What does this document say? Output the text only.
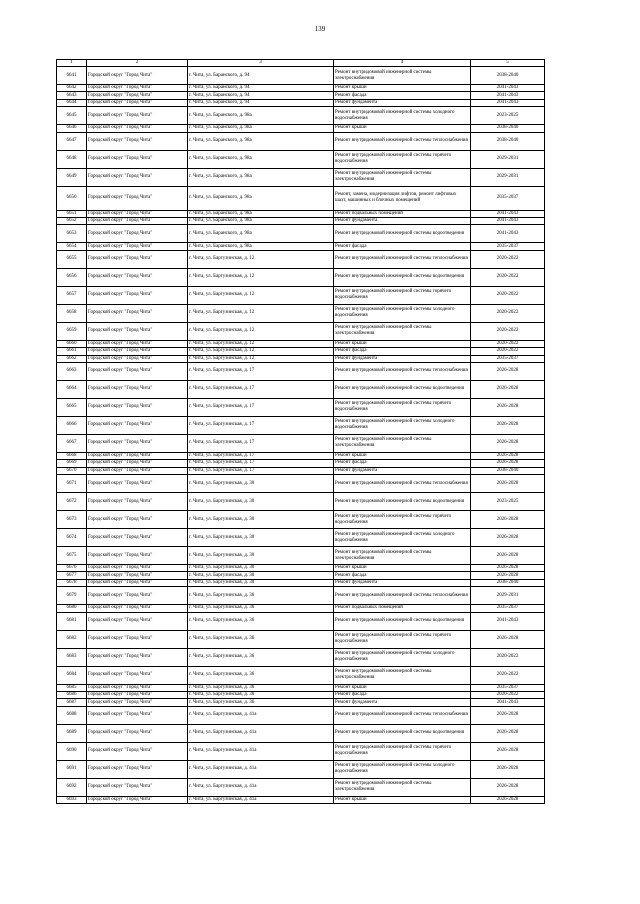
139
1	2	3	4	5
6641	Городской округ "Город Чита"	г. Чита, ул. Баранского, д. 94	Ремонт внутридомовой инженерной системы электроснабжения	2038-2040
6642	Городской округ "Город Чита"	г. Чита, ул. Баранского, д. 94	Ремонт крыши	2041-2043
6643	Городской округ "Город Чита"	г. Чита, ул. Баранского, д. 94	Ремонт фасада	2041-2043
6644	Городской округ "Город Чита"	г. Чита, ул. Баранского, д. 94	Ремонт фундамента	2041-2043
6645	Городской округ "Город Чита"	г. Чита, ул. Баранского, д. 98а	Ремонт внутридомовой инженерной системы холодного водоснабжения	2023-2025
6646	Городской округ "Город Чита"	г. Чита, ул. Баранского, д. 98а	Ремонт крыши	2038-2040
6647	Городской округ "Город Чита"	г. Чита, ул. Баранского, д. 98а	Ремонт внутридомовой инженерной системы теплоснабжения	2038-2040
6648	Городской округ "Город Чита"	г. Чита, ул. Баранского, д. 98а	Ремонт внутридомовой инженерной системы горячего водоснабжения	2029-2031
6649	Городской округ "Город Чита"	г. Чита, ул. Баранского, д. 98а	Ремонт внутридомовой инженерной системы электроснабжения	2029-2031
6650	Городской округ "Город Чита"	г. Чита, ул. Баранского, д. 98а	Ремонт, замена, модернизация лифтов, ремонт лифтовых шахт, машинных и блочных помещений	2035-2037
6651	Городской округ "Город Чита"	г. Чита, ул. Баранского, д. 98а	Ремонт подвальных помещений	2041-2043
6652	Городской округ "Город Чита"	г. Чита, ул. Баранского, д. 98а	Ремонт фундамента	2041-2043
6653	Городской округ "Город Чита"	г. Чита, ул. Баранского, д. 98а	Ремонт внутридомовой инженерной системы водоотведения	2041-2043
6654	Городской округ "Город Чита"	г. Чита, ул. Баранского, д. 98а	Ремонт фасада	2035-2037
6655	Городской округ "Город Чита"	г. Чита, ул. Баргузинская, д. 12	Ремонт внутридомовой инженерной системы теплоснабжения	2020-2022
6656	Городской округ "Город Чита"	г. Чита, ул. Баргузинская, д. 12	Ремонт внутридомовой инженерной системы водоотведения	2020-2022
6657	Городской округ "Город Чита"	г. Чита, ул. Баргузинская, д. 12	Ремонт внутридомовой инженерной системы горячего водоснабжения	2020-2022
6658	Городской округ "Город Чита"	г. Чита, ул. Баргузинская, д. 12	Ремонт внутридомовой инженерной системы холодного водоснабжения	2020-2022
6659	Городской округ "Город Чита"	г. Чита, ул. Баргузинская, д. 12	Ремонт внутридомовой инженерной системы электроснабжения	2020-2022
6660	Городской округ "Город Чита"	г. Чита, ул. Баргузинская, д. 12	Ремонт крыши	2020-2022
6661	Городской округ "Город Чита"	г. Чита, ул. Баргузинская, д. 12	Ремонт фасада	2020-2022
6662	Городской округ "Город Чита"	г. Чита, ул. Баргузинская, д. 12	Ремонт фундамента	2035-2037
6663	Городской округ "Город Чита"	г. Чита, ул. Баргузинская, д. 17	Ремонт внутридомовой инженерной системы теплоснабжения	2026-2028
6664	Городской округ "Город Чита"	г. Чита, ул. Баргузинская, д. 17	Ремонт внутридомовой инженерной системы водоотведения	2026-2028
6665	Городской округ "Город Чита"	г. Чита, ул. Баргузинская, д. 17	Ремонт внутридомовой инженерной системы горячего водоснабжения	2026-2028
6666	Городской округ "Город Чита"	г. Чита, ул. Баргузинская, д. 17	Ремонт внутридомовой инженерной системы холодного водоснабжения	2026-2028
6667	Городской округ "Город Чита"	г. Чита, ул. Баргузинская, д. 17	Ремонт внутридомовой инженерной системы электроснабжения	2026-2028
6668	Городской округ "Город Чита"	г. Чита, ул. Баргузинская, д. 17	Ремонт крыши	2026-2028
6669	Городской округ "Город Чита"	г. Чита, ул. Баргузинская, д. 17	Ремонт фасада	2026-2028
6670	Городской округ "Город Чита"	г. Чита, ул. Баргузинская, д. 17	Ремонт фундамента	2038-2040
6671	Городской округ "Город Чита"	г. Чита, ул. Баргузинская, д. 30	Ремонт внутридомовой инженерной системы теплоснабжения	2026-2028
6672	Городской округ "Город Чита"	г. Чита, ул. Баргузинская, д. 30	Ремонт внутридомовой инженерной системы водоотведения	2023-2025
6673	Городской округ "Город Чита"	г. Чита, ул. Баргузинская, д. 30	Ремонт внутридомовой инженерной системы горячего водоснабжения	2026-2028
6674	Городской округ "Город Чита"	г. Чита, ул. Баргузинская, д. 30	Ремонт внутридомовой инженерной системы холодного водоснабжения	2026-2028
6675	Городской округ "Город Чита"	г. Чита, ул. Баргузинская, д. 30	Ремонт внутридомовой инженерной системы электроснабжения	2026-2028
6676	Городской округ "Город Чита"	г. Чита, ул. Баргузинская, д. 30	Ремонт крыши	2026-2028
6677	Городской округ "Город Чита"	г. Чита, ул. Баргузинская, д. 30	Ремонт фасада	2026-2028
6678	Городской округ "Город Чита"	г. Чита, ул. Баргузинская, д. 30	Ремонт фундамента	2038-2040
6679	Городской округ "Город Чита"	г. Чита, ул. Баргузинская, д. 36	Ремонт внутридомовой инженерной системы теплоснабжения	2029-2031
6680	Городской округ "Город Чита"	г. Чита, ул. Баргузинская, д. 36	Ремонт подвальных помещений	2035-2037
6681	Городской округ "Город Чита"	г. Чита, ул. Баргузинская, д. 36	Ремонт внутридомовой инженерной системы водоотведения	2041-2043
6682	Городской округ "Город Чита"	г. Чита, ул. Баргузинская, д. 36	Ремонт внутридомовой инженерной системы горячего водоснабжения	2026-2028
6683	Городской округ "Город Чита"	г. Чита, ул. Баргузинская, д. 36	Ремонт внутридомовой инженерной системы холодного водоснабжения	2020-2022
6684	Городской округ "Город Чита"	г. Чита, ул. Баргузинская, д. 36	Ремонт внутридомовой инженерной системы электроснабжения	2020-2022
6685	Городской округ "Город Чита"	г. Чита, ул. Баргузинская, д. 36	Ремонт крыши	2035-2037
6686	Городской округ "Город Чита"	г. Чита, ул. Баргузинская, д. 36	Ремонт фасада	2020-2022
6687	Городской округ "Город Чита"	г. Чита, ул. Баргузинская, д. 36	Ремонт фундамента	2041-2043
6688	Городской округ "Город Чита"	г. Чита, ул. Баргузинская, д. 41а	Ремонт внутридомовой инженерной системы теплоснабжения	2026-2028
6689	Городской округ "Город Чита"	г. Чита, ул. Баргузинская, д. 41а	Ремонт внутридомовой инженерной системы водоотведения	2026-2028
6690	Городской округ "Город Чита"	г. Чита, ул. Баргузинская, д. 41а	Ремонт внутридомовой инженерной системы горячего водоснабжения	2026-2028
6691	Городской округ "Город Чита"	г. Чита, ул. Баргузинская, д. 41а	Ремонт внутридомовой инженерной системы холодного водоснабжения	2026-2028
6692	Городской округ "Город Чита"	г. Чита, ул. Баргузинская, д. 41а	Ремонт внутридомовой инженерной системы электроснабжения	2026-2028
6693	Городской округ "Город Чита"	г. Чита, ул. Баргузинская, д. 41а	Ремонт крыши	2026-2028
